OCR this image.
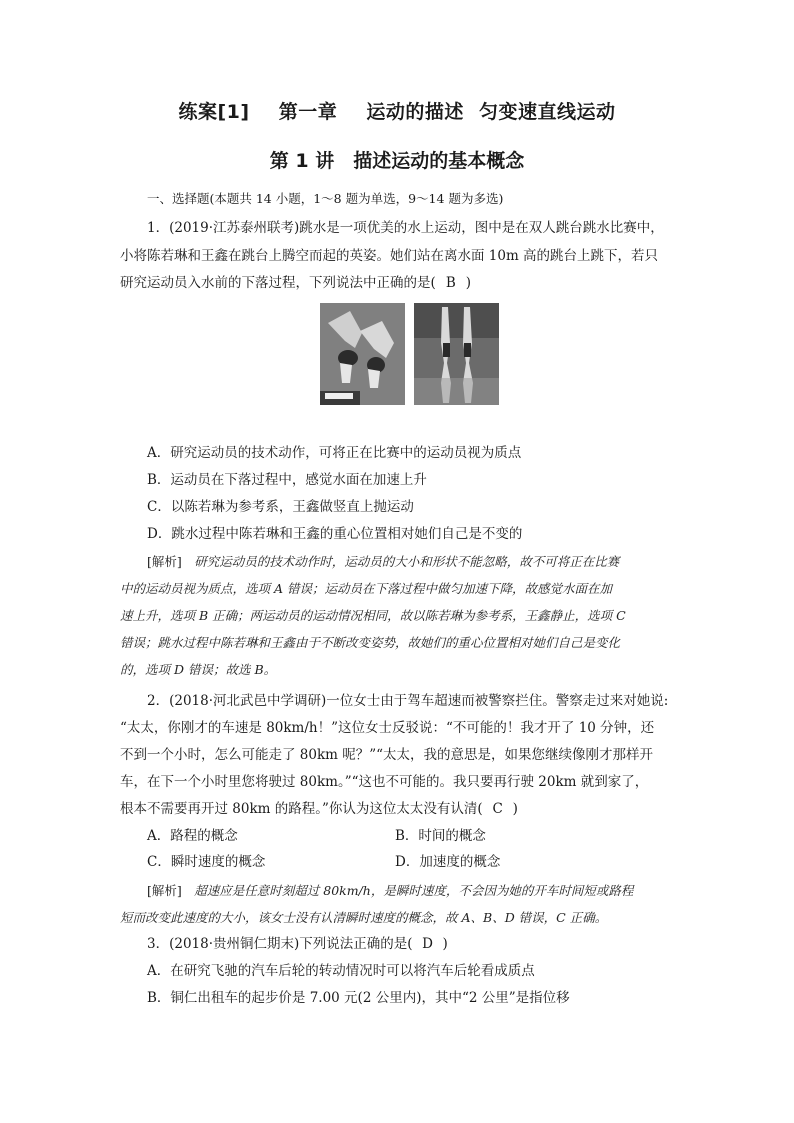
练案[1] 第一章 运动的描述 匀变速直线运动
第 1 讲　描述运动的基本概念
一、选择题(本题共 14 小题，1～8 题为单选，9～14 题为多选)
1．(2019·江苏泰州联考)跳水是一项优美的水上运动，图中是在双人跳台跳水比赛中，
小将陈若琳和王鑫在跳台上腾空而起的英姿。她们站在离水面 10m 高的跳台上跳下，若只
研究运动员入水前的下落过程，下列说法中正确的是( B )
A．研究运动员的技术动作，可将正在比赛中的运动员视为质点
B．运动员在下落过程中，感觉水面在加速上升
C．以陈若琳为参考系，王鑫做竖直上抛运动
D．跳水过程中陈若琳和王鑫的重心位置相对她们自己是不变的
[解析]　研究运动员的技术动作时，运动员的大小和形状不能忽略，故不可将正在比赛
中的运动员视为质点，选项 A 错误；运动员在下落过程中做匀加速下降，故感觉水面在加
速上升，选项 B 正确；两运动员的运动情况相同，故以陈若琳为参考系，王鑫静止，选项 C
错误；跳水过程中陈若琳和王鑫由于不断改变姿势，故她们的重心位置相对她们自己是变化
的，选项 D 错误；故选 B。
2．(2018·河北武邑中学调研)一位女士由于驾车超速而被警察拦住。警察走过来对她说:
“太太，你刚才的车速是 80km/h！”这位女士反驳说：“不可能的！我才开了 10 分钟，还
不到一个小时，怎么可能走了 80km 呢？”“太太，我的意思是，如果您继续像刚才那样开
车，在下一个小时里您将驶过 80km。”“这也不可能的。我只要再行驶 20km 就到家了，
根本不需要再开过 80km 的路程。”你认为这位太太没有认清( C )
A．路程的概念	B．时间的概念
C．瞬时速度的概念	D．加速度的概念
[解析]　超速应是任意时刻超过 80km/h，是瞬时速度，不会因为她的开车时间短或路程
短而改变此速度的大小，该女士没有认清瞬时速度的概念，故 A、B、D 错误，C 正确。
3．(2018·贵州铜仁期末)下列说法正确的是( D )
A．在研究飞驰的汽车后轮的转动情况时可以将汽车后轮看成质点
B．铜仁出租车的起步价是 7.00 元(2 公里内)，其中“2 公里”是指位移
